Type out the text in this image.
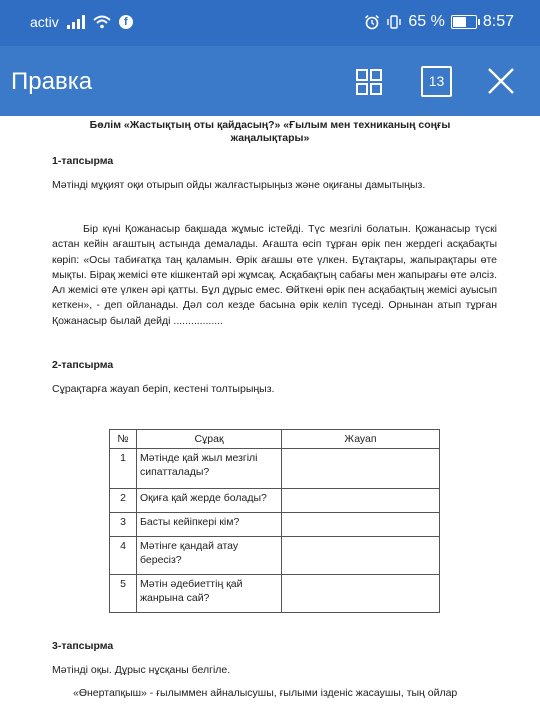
activ	f	65 % 8:57
Правка	13
Бөлім «Жастықтың оты қайдасың?» «Ғылым мен техниканың соңғы
жаңалықтары»
1-тапсырма
Мәтінді мұқият оқи отырып ойды жалғастырыңыз және оқиғаны дамытыңыз.
Бір күні Қожанасыр бақшада жұмыс істейді. Түс мезгілі болатын. Қожанасыр түскі астан кейін ағаштың астында демалады. Ағашта өсіп тұрған өрік пен жердегі асқабақты көріп: «Осы табиғатқа таң қаламын. Өрік ағашы өте үлкен. Бұтақтары, жапырақтары өте мықты. Бірақ жемісі өте кішкентай әрі жұмсақ. Асқабақтың сабағы мен жапырағы өте әлсіз. Ал жемісі өте үлкен әрі қатты. Бұл дұрыс емес. Өйткені өрік пен асқабақтың жемісі ауысып кеткен», - деп ойланады. Дәл сол кезде басына өрік келіп түседі. Орнынан атып тұрған Қожанасыр былай дейді .................
2-тапсырма
Сұрақтарға жауап беріп, кестені толтырыңыз.
№	Сұрақ	Жауап
1	Мәтінде қай жыл мезгілі сипатталады?	
2	Оқиға қай жерде болады?	
3	Басты кейіпкері кім?	
4	Мәтінге қандай атау бересіз?	
5	Мәтін әдебиеттің қай жанрына сай?	
3-тапсырма
Мәтінді оқы. Дұрыс нұсқаны белгіле.
«Өнертапқыш» - ғылыммен айналысушы, ғылыми ізденіс жасаушы, тың ойлар
